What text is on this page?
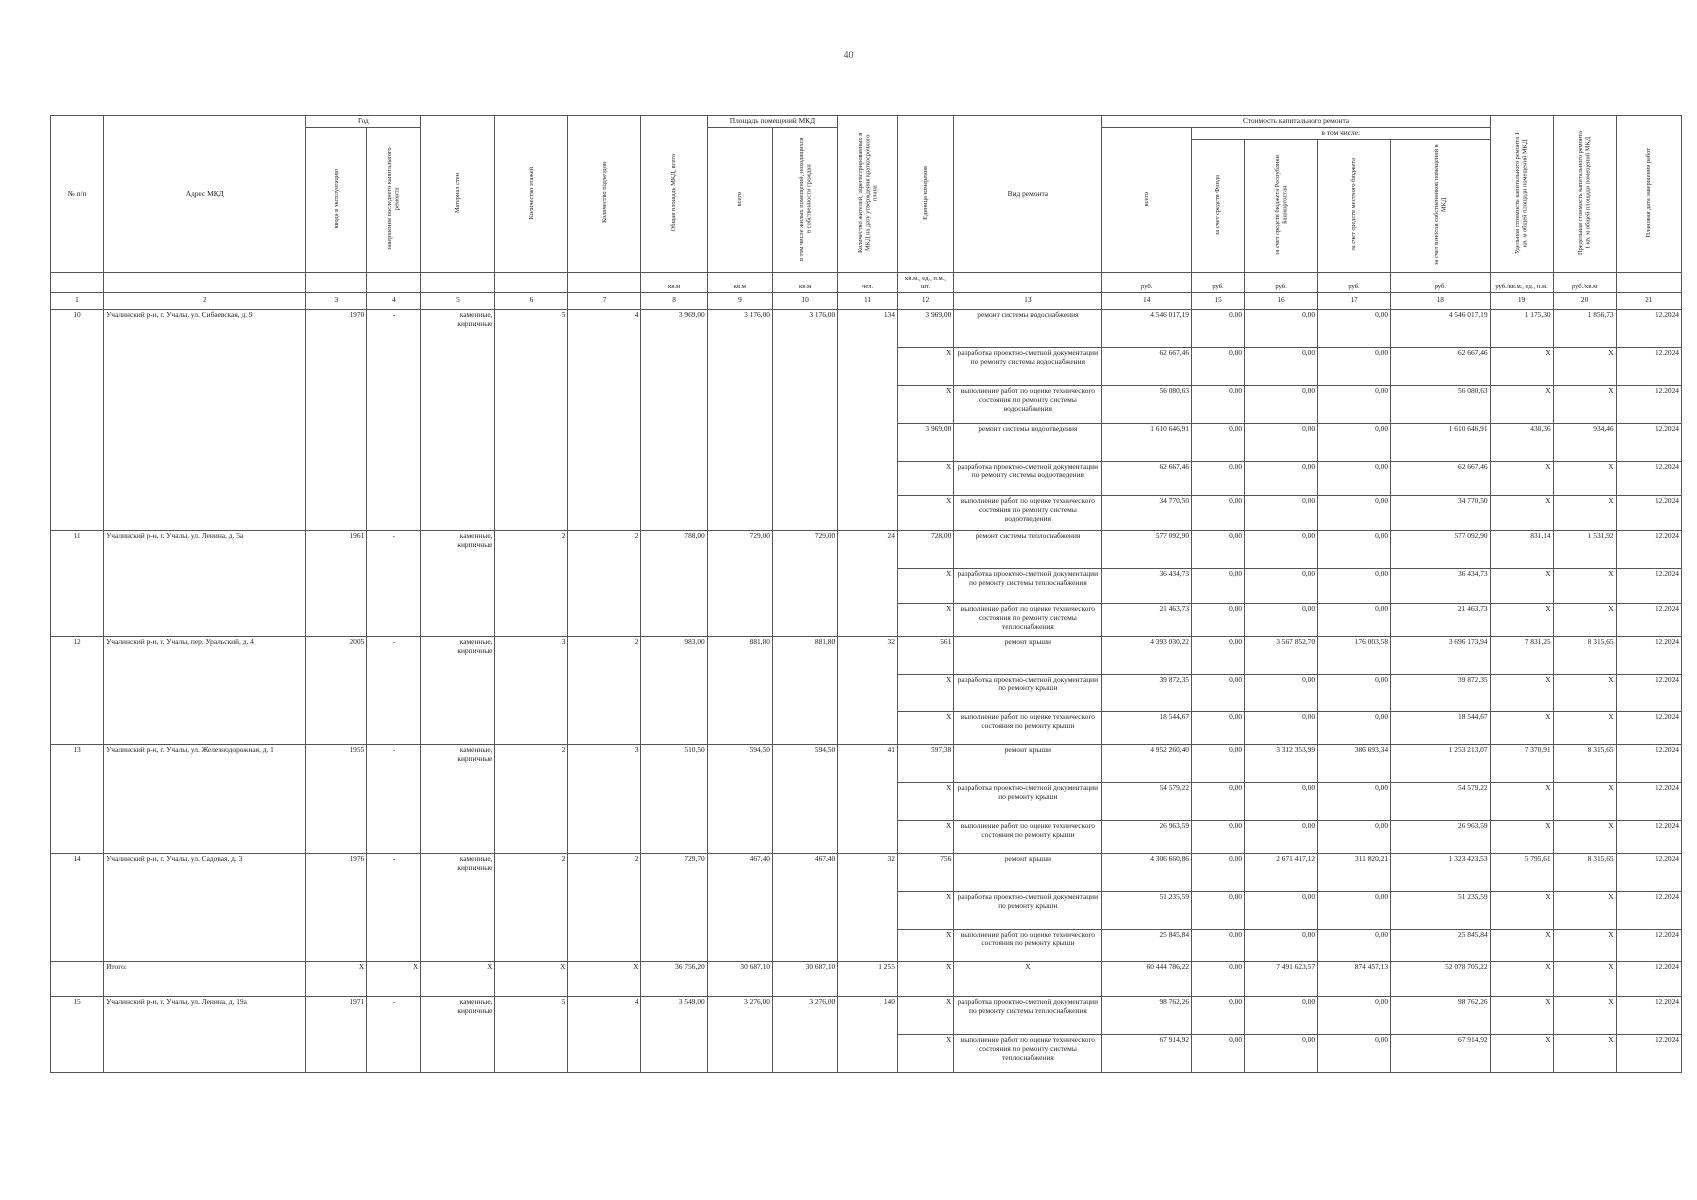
40
№ п/п	Адрес МКД	Год		Материал стен	Количество этажей	Количество подъездов	Общая площадь МКД, всего	Площадь помещений МКД		Количество жителей, зарегистрированных в МКД на дату утверждения краткосрочного плана	Единица измерения	Вид ремонта	Стоимость капитального ремонта					Удельная стоимость капитального ремонта 1 кв. м общей площади помещений МКД	Предельная стоимость капитального ремонта 1 кв. м общей площади помещений МКД	Плановая дата завершения работ
		ввода в эксплуатацию	завершения последнего капитального ремонта					всего	в том числе жилых помещений, находящихся в собственности граждан				всего	в том числе:						
														за счет средств Фонда	за счет средств бюджета Республики Башкортостан	за счет средств местного бюджета	за счет взносов собственников помещений в МКД			
							кв.м	кв.м	кв.м	чел.	кв.м., ед., п.м., шт.		руб.	руб.	руб.	руб.	руб.	руб./кв.м., ед., п.м.	руб./кв.м	
1	2	3	4	5	6	7	8	9	10	11	12	13	14	15	16	17	18	19	20	21
10	Учалинский р-н, г. Учалы, ул. Сибаевская, д. 9	1970	-	каменные, кирпичные	5	4	3 969,00	3 176,00	3 176,00	134	3 969,00	ремонт системы водоснабжения	4 546 017,19	0,00	0,00	0,00	4 546 017,19	1 175,30	1 856,73	12.2024
											X	разработка проектно-сметной документации по ремонту системы водоснабжения	62 667,46	0,00	0,00	0,00	62 667,46	X	X	12.2024
											X	выполнение работ по оценке технического состояния по ремонту системы водоснабжения	56 080,63	0,00	0,00	0,00	56 080,63	X	X	12.2024
											3 969,00	ремонт системы водоотведения	1 610 646,91	0,00	0,00	0,00	1 610 646,91	430,36	934,46	12.2024
											X	разработка проектно-сметной документации по ремонту системы водоотведения	62 667,46	0,00	0,00	0,00	62 667,46	X	X	12.2024
											X	выполнение работ по оценке технического состояния по ремонту системы водоотведения	34 770,50	0,00	0,00	0,00	34 770,50	X	X	12.2024
11	Учалинский р-н, г. Учалы, ул. Ленина, д. 5а	1961	-	каменные, кирпичные	2	2	788,00	729,00	729,00	24	728,00	ремонт системы теплоснабжения	577 092,90	0,00	0,00	0,00	577 092,90	831,14	1 531,92	12.2024
											X	разработка проектно-сметной документации по ремонту системы теплоснабжения	36 434,73	0,00	0,00	0,00	36 434,73	X	X	12.2024
											X	выполнение работ по оценке технического состояния по ремонту системы теплоснабжения	21 463,73	0,00	0,00	0,00	21 463,73	X	X	12.2024
12	Учалинский р-н, г. Учалы, пер. Уральский, д. 4	2005	-	каменные, кирпичные	3	2	983,00	881,80	881,80	32	561	ремонт крыши	4 393 030,22	0,00	3 567 852,70	176 003,58	3 696 173,94	7 831,25	8 315,65	12.2024
											X	разработка проектно-сметной документации по ремонту крыши	39 872,35	0,00	0,00	0,00	39 872,35	X	X	12.2024
											X	выполнение работ по оценке технического состояния по ремонту крыши	18 544,67	0,00	0,00	0,00	18 544,67	X	X	12.2024
13	Учалинский р-н, г. Учалы, ул. Железнодорожная, д. 1	1955	-	каменные, кирпичные	2	3	510,50	594,50	594,50	41	597,38	ремонт крыши	4 952 260,40	0,00	3 312 353,99	386 693,34	1 253 213,07	7 370,91	8 315,65	12.2024
											X	разработка проектно-сметной документации по ремонту крыши	54 579,22	0,00	0,00	0,00	54 579,22	X	X	12.2024
											X	выполнение работ по оценке технического состояния по ремонту крыши	26 963,59	0,00	0,00	0,00	26 963,59	X	X	12.2024
14	Учалинский р-н, г. Учалы, ул. Садовая, д. 3	1976	-	каменные, кирпичные	2	2	729,70	467,40	467,40	32	756	ремонт крыши	4 306 660,86	0,00	2 671 417,12	311 820,21	1 323 423,53	5 795,61	8 315,65	12.2024
											X	разработка проектно-сметной документации по ремонту крыши	51 235,59	0,00	0,00	0,00	51 235,59	X	X	12.2024
											X	выполнение работ по оценке технического состояния по ремонту крыши	25 845,84	0,00	0,00	0,00	25 845,84	X	X	12.2024
	Итого:	X	X	X	X	X	36 756,20	30 687,10	30 687,10	1 255	X	X	60 444 786,22	0,00	7 491 623,57	874 457,13	52 078 705,22	X	X	12.2024
15	Учалинский р-н, г. Учалы, ул. Ленина, д. 19а	1971	-	каменные, кирпичные	5	4	3 549,00	3 276,00	3 276,00	140	X	разработка проектно-сметной документации по ремонту системы теплоснабжения	98 762,26	0,00	0,00	0,00	98 762,26	X	X	12.2024
											X	выполнение работ по оценке технического состояния по ремонту системы теплоснабжения	67 914,92	0,00	0,00	0,00	67 914,92	X	X	12.2024
